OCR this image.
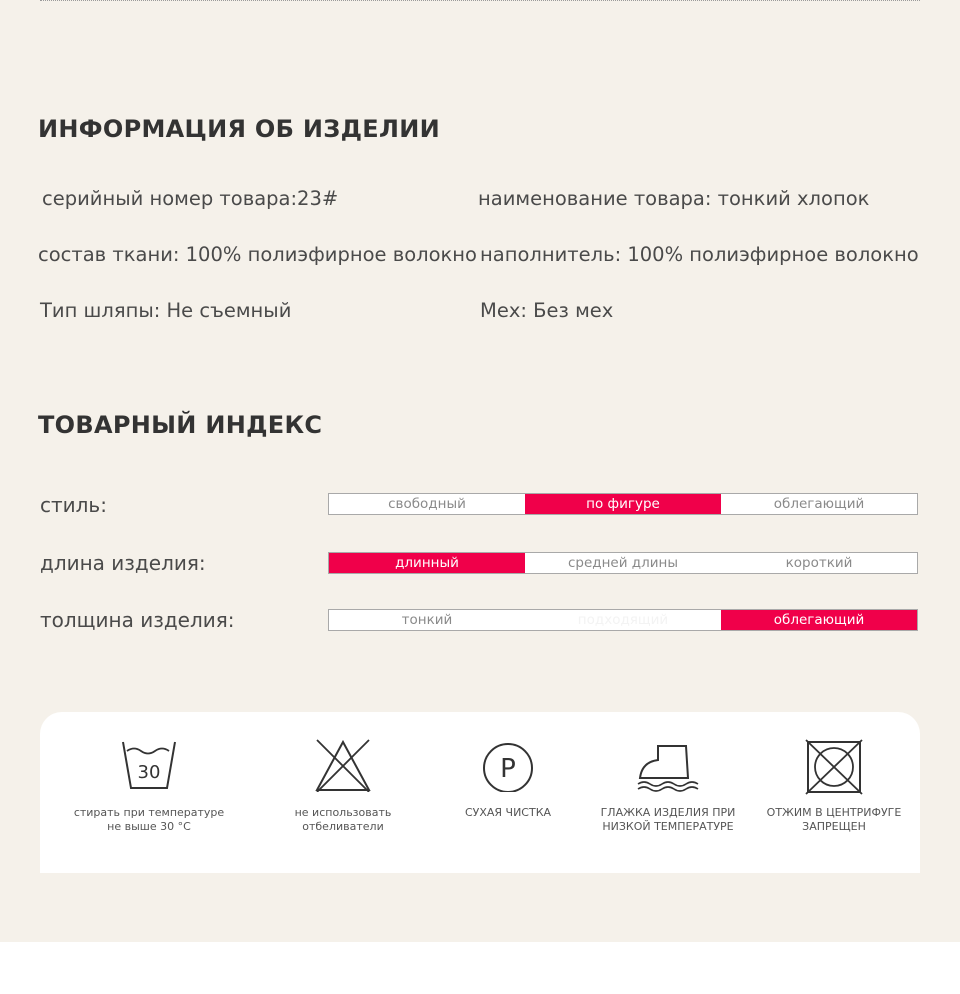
ИНФОРМАЦИЯ ОБ ИЗДЕЛИИ
серийный номер товара:23#	наименование товара: тонкий хлопок
состав ткани: 100% полиэфирное волокно наполнитель: 100% полиэфирное волокно
Тип шляпы: Не съемный	Мех: Без мех
ТОВАРНЫЙ ИНДЕКС
стиль:	свободный	по фигуре	облегающий
длина изделия:	длинный	средней длины	короткий
толщина изделия:	тонкий	подходящий	облегающий
30
стирать при температуре
не выше 30 °C
не использовать
отбеливатели
P
СУХАЯ ЧИСТКА	ГЛАЖКА ИЗДЕЛИЯ ПРИ
НИЗКОЙ ТЕМПЕРАТУРЕ
ОТЖИМ В ЦЕНТРИФУГЕ
ЗАПРЕЩЕН
